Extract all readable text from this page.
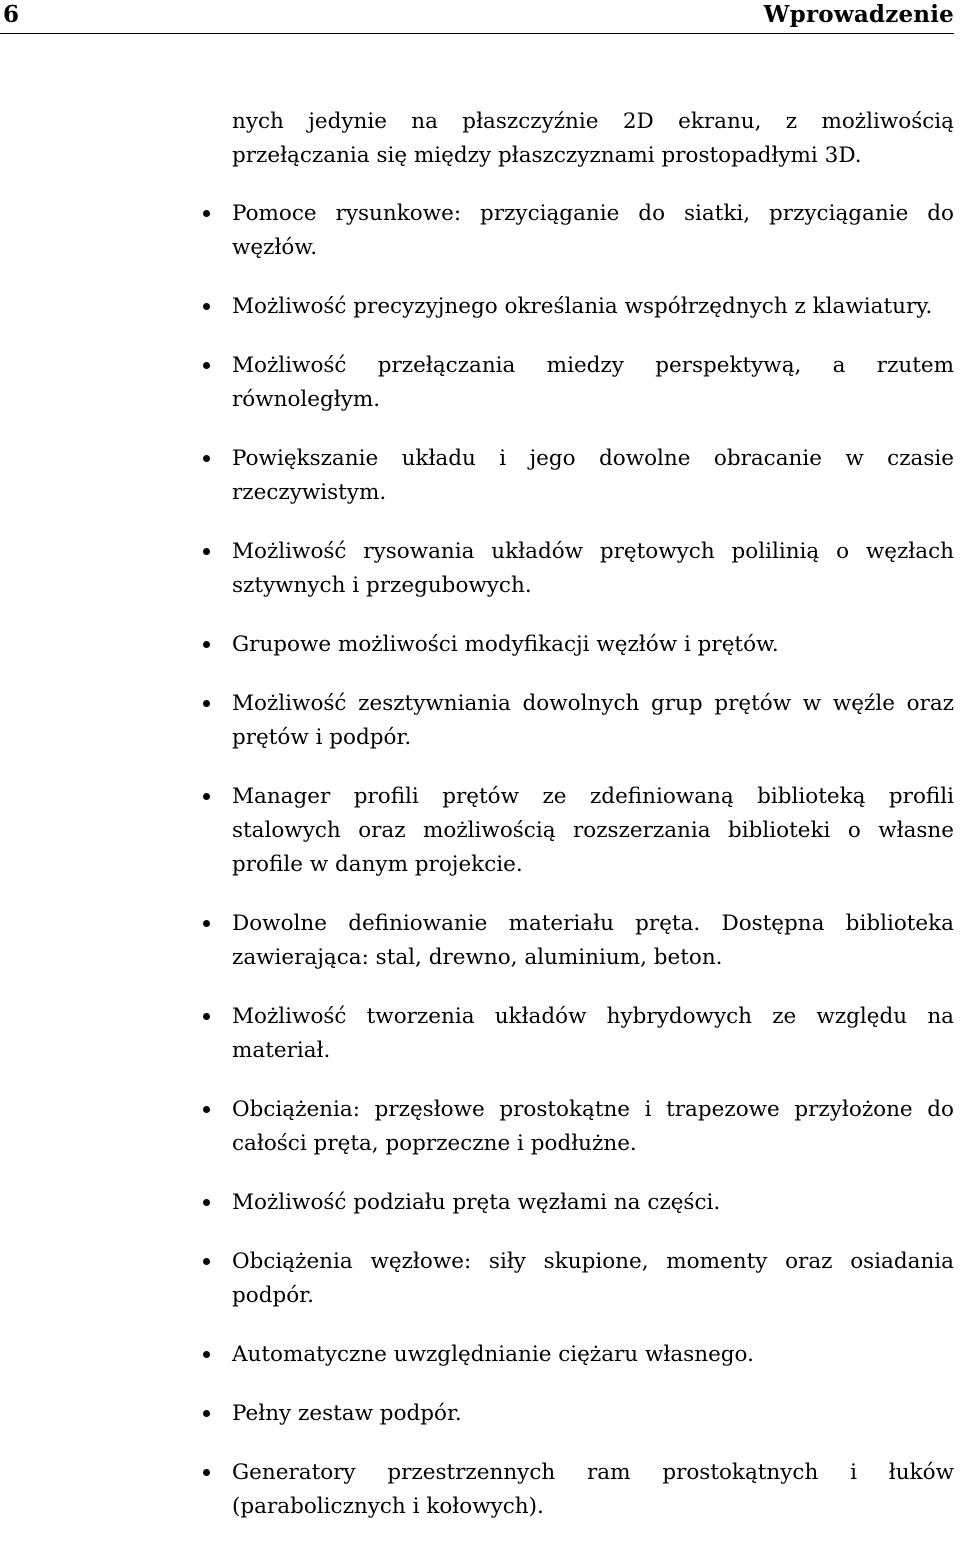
6	Wprowadzenie

nych jedynie na płaszczyźnie 2D ekranu, z możliwością przełączania się między płaszczyznami prostopadłymi 3D.

Pomoce rysunkowe: przyciąganie do siatki, przyciąganie do węzłów.
Możliwość precyzyjnego określania współrzędnych z klawiatury.
Możliwość przełączania miedzy perspektywą, a rzutem równoległym.
Powiększanie układu i jego dowolne obracanie w czasie rzeczywistym.
Możliwość rysowania układów prętowych polilinią o węzłach sztywnych i przegubowych.
Grupowe możliwości modyfikacji węzłów i prętów.
Możliwość zesztywniania dowolnych grup prętów w węźle oraz prętów i podpór.
Manager profili prętów ze zdefiniowaną biblioteką profili stalowych oraz możliwością rozszerzania biblioteki o własne profile w danym projekcie.
Dowolne definiowanie materiału pręta. Dostępna biblioteka zawierająca: stal, drewno, aluminium, beton.
Możliwość tworzenia układów hybrydowych ze względu na materiał.
Obciążenia: przęsłowe prostokątne i trapezowe przyłożone do całości pręta, poprzeczne i podłużne.
Możliwość podziału pręta węzłami na części.
Obciążenia węzłowe: siły skupione, momenty oraz osiadania podpór.
Automatyczne uwzględnianie ciężaru własnego.
Pełny zestaw podpór.
Generatory przestrzennych ram prostokątnych i łuków (parabolicznych i kołowych).
